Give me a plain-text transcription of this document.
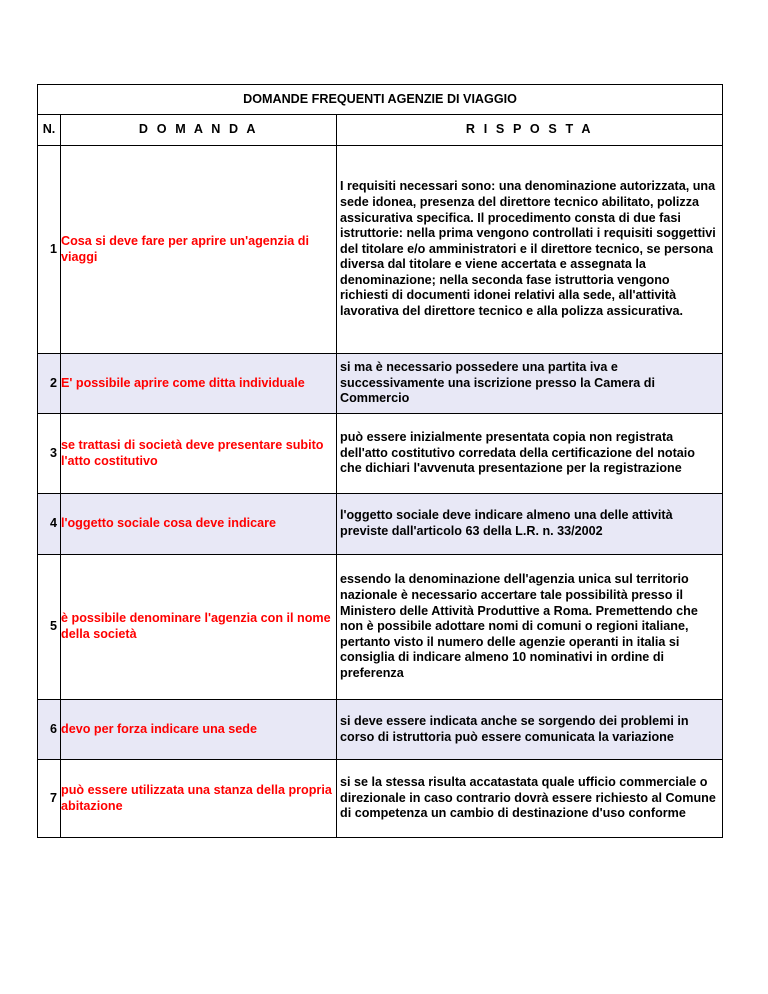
DOMANDE FREQUENTI AGENZIE DI VIAGGIO		
N.	D O M A N D A	R I S P O S T A
1	Cosa si deve fare per aprire un'agenzia di viaggi	I requisiti necessari sono: una denominazione autorizzata, una sede idonea, presenza del direttore tecnico abilitato, polizza assicurativa specifica. Il procedimento consta di due fasi istruttorie: nella prima vengono controllati i requisiti soggettivi del titolare e/o amministratori e il direttore tecnico, se persona diversa dal titolare e viene accertata e assegnata la denominazione; nella seconda fase istruttoria vengono richiesti di documenti idonei relativi alla sede, all'attività lavorativa del direttore tecnico e alla polizza assicurativa.
2	E' possibile aprire come ditta individuale	si ma è necessario possedere una partita iva e successivamente una iscrizione presso la Camera di Commercio
3	se trattasi di società deve presentare subito l'atto costitutivo	può essere inizialmente presentata copia non registrata dell'atto costitutivo corredata della certificazione del notaio che dichiari l'avvenuta presentazione per la registrazione
4	l'oggetto sociale cosa deve indicare	l'oggetto sociale deve indicare almeno una delle attività previste dall'articolo 63 della L.R. n. 33/2002
5	è possibile denominare l'agenzia con il nome della società	essendo la denominazione dell'agenzia unica sul territorio nazionale è necessario accertare tale possibilità presso il Ministero delle Attività Produttive a Roma. Premettendo che non è possibile adottare nomi di comuni o regioni italiane, pertanto visto il numero delle agenzie operanti in italia si consiglia di indicare almeno 10 nominativi in ordine di preferenza
6	devo per forza indicare una sede	si deve essere indicata anche se sorgendo dei problemi in corso di istruttoria può essere comunicata la variazione
7	può essere utilizzata una stanza della propria abitazione	si se la stessa risulta accatastata quale ufficio commerciale o direzionale in caso contrario dovrà essere richiesto al Comune di competenza un cambio di destinazione d'uso conforme
